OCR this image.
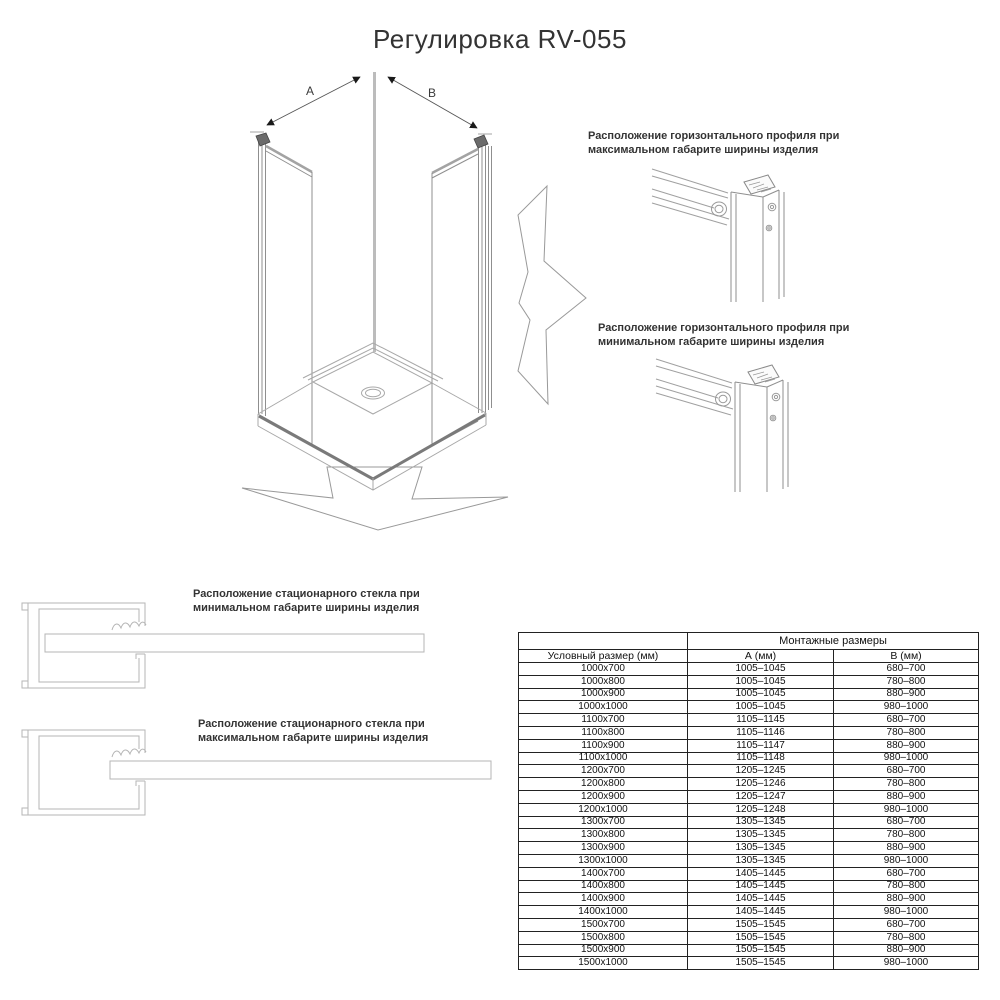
Регулировка RV-055
A	B
Расположение горизонтального профиля при
максимальном габарите ширины изделия
Расположение горизонтального профиля при
минимальном габарите ширины изделия
Расположение стационарного стекла при
минимальном габарите ширины изделия
Расположение стационарного стекла при
максимальном габарите ширины изделия
	Монтажные размеры	
Условный размер (мм)	А (мм)	В (мм)
1000x700	1005–1045	680–700
1000x800	1005–1045	780–800
1000x900	1005–1045	880–900
1000x1000	1005–1045	980–1000
1100x700	1105–1145	680–700
1100x800	1105–1146	780–800
1100x900	1105–1147	880–900
1100x1000	1105–1148	980–1000
1200x700	1205–1245	680–700
1200x800	1205–1246	780–800
1200x900	1205–1247	880–900
1200x1000	1205–1248	980–1000
1300x700	1305–1345	680–700
1300x800	1305–1345	780–800
1300x900	1305–1345	880–900
1300x1000	1305–1345	980–1000
1400x700	1405–1445	680–700
1400x800	1405–1445	780–800
1400x900	1405–1445	880–900
1400x1000	1405–1445	980–1000
1500x700	1505–1545	680–700
1500x800	1505–1545	780–800
1500x900	1505–1545	880–900
1500x1000	1505–1545	980–1000
